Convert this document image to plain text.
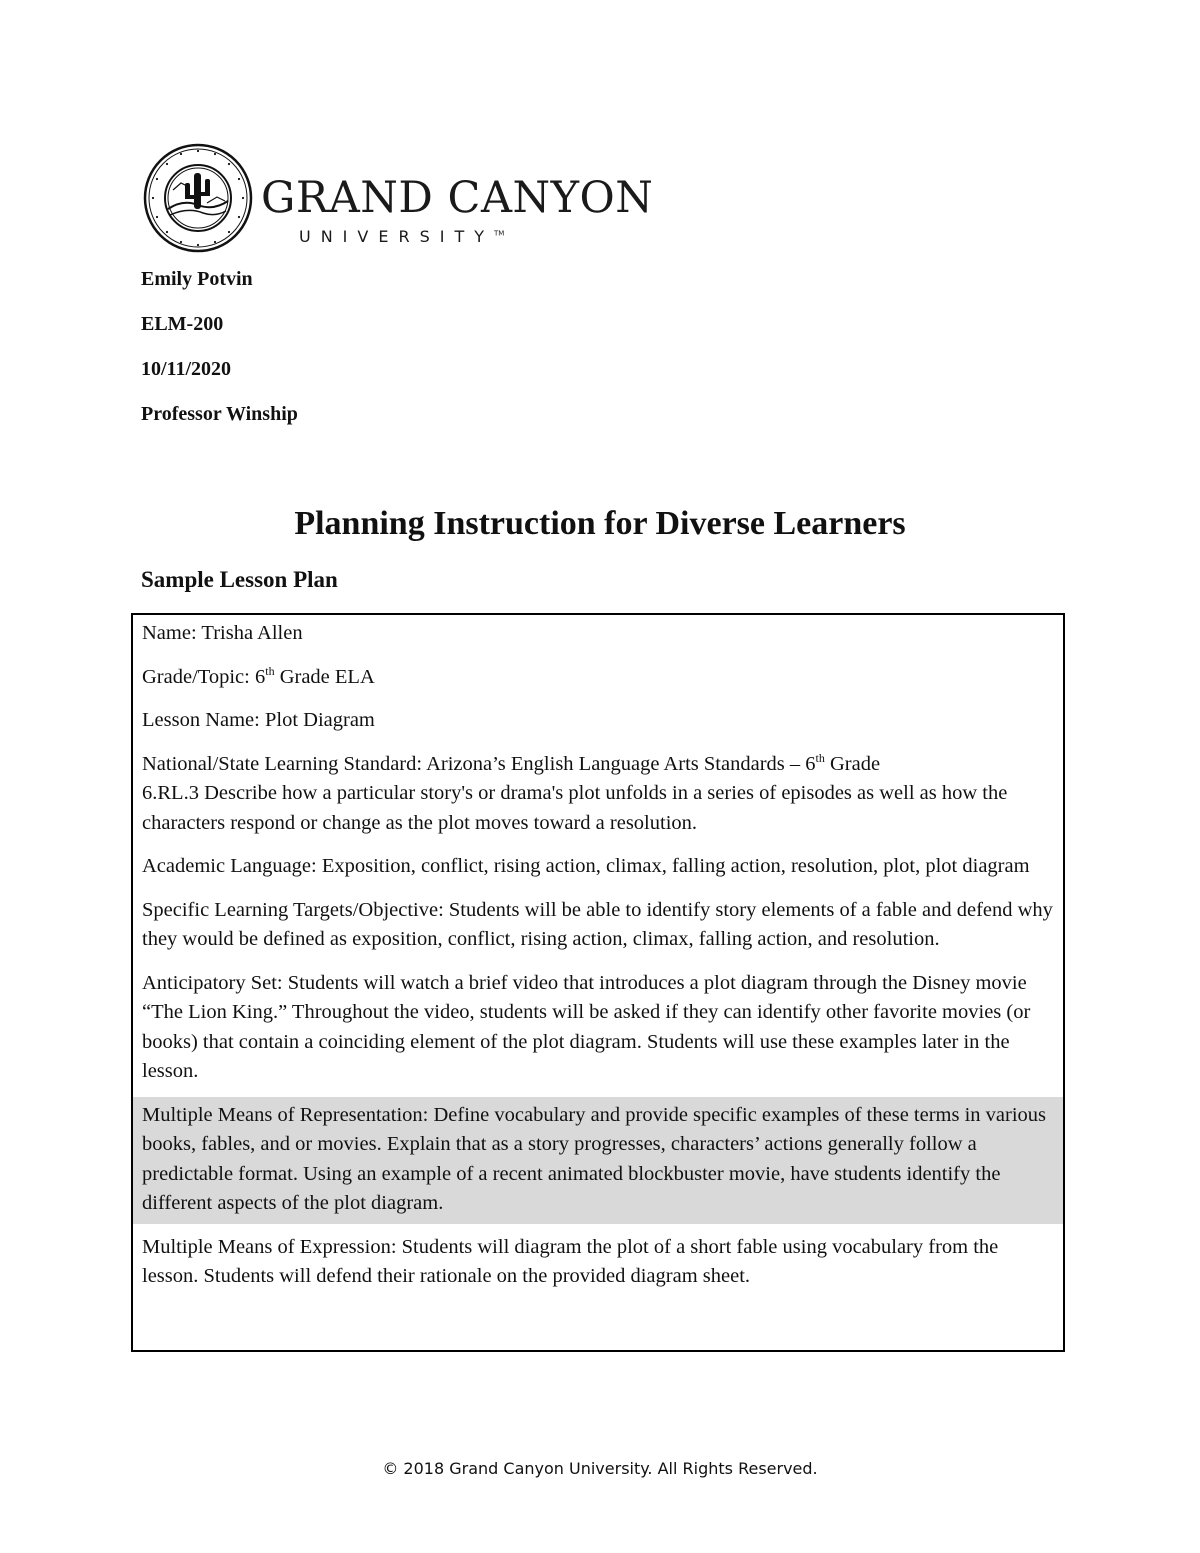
GRAND CANYON
UNIVERSITY™
Emily Potvin
ELM-200
10/11/2020
Professor Winship
Planning Instruction for Diverse Learners
Sample Lesson Plan
Name: Trisha Allen
Grade/Topic: 6th Grade ELA
Lesson Name: Plot Diagram
National/State Learning Standard: Arizona’s English Language Arts Standards – 6th Grade
6.RL.3 Describe how a particular story's or drama's plot unfolds in a series of episodes as well as how the characters respond or change as the plot moves toward a resolution.
Academic Language: Exposition, conflict, rising action, climax, falling action, resolution, plot, plot diagram
Specific Learning Targets/Objective: Students will be able to identify story elements of a fable and defend why they would be defined as exposition, conflict, rising action, climax, falling action, and resolution.
Anticipatory Set: Students will watch a brief video that introduces a plot diagram through the Disney movie “The Lion King.” Throughout the video, students will be asked if they can identify other favorite movies (or books) that contain a coinciding element of the plot diagram. Students will use these examples later in the lesson.
Multiple Means of Representation: Define vocabulary and provide specific examples of these terms in various books, fables, and or movies. Explain that as a story progresses, characters’ actions generally follow a predictable format. Using an example of a recent animated blockbuster movie, have students identify the different aspects of the plot diagram.
Multiple Means of Expression: Students will diagram the plot of a short fable using vocabulary from the lesson. Students will defend their rationale on the provided diagram sheet.
© 2018 Grand Canyon University. All Rights Reserved.
